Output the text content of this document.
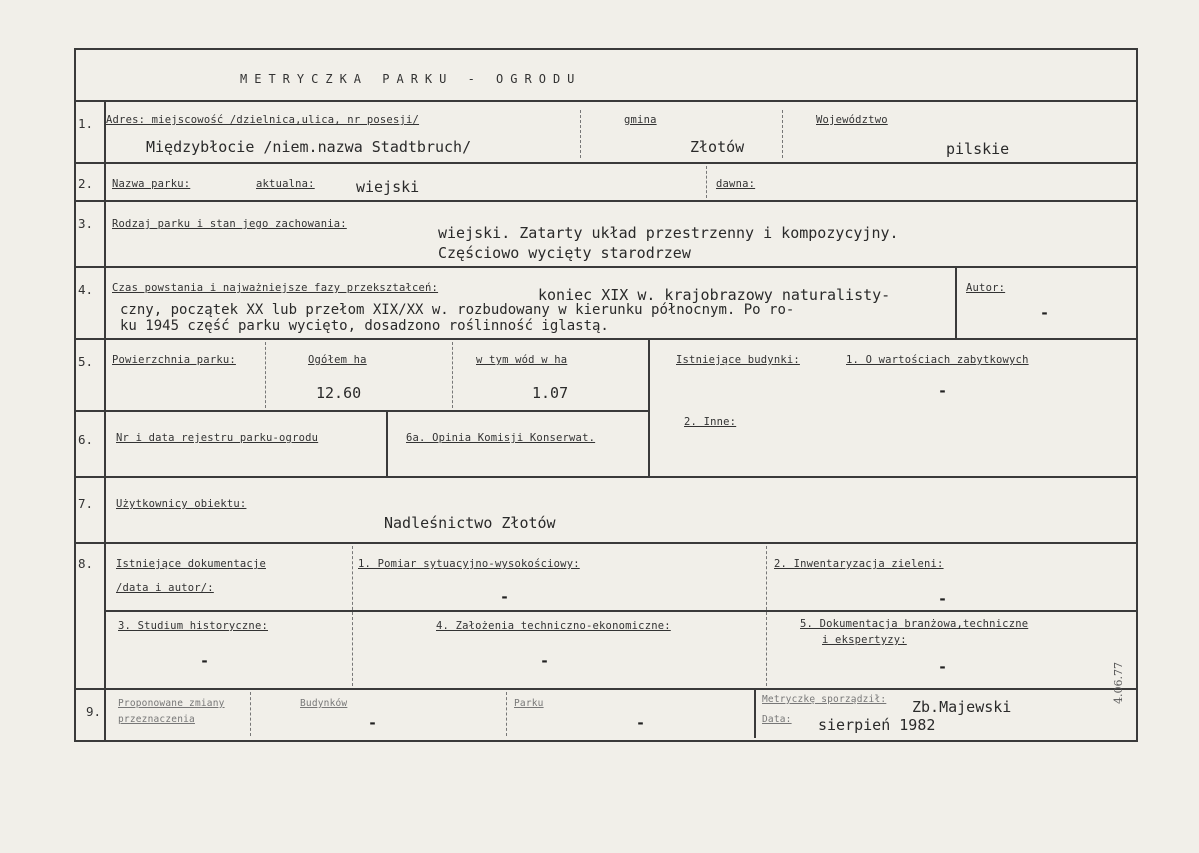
METRYCZKA PARKU - OGRODU
1. Adres: miejscowość /dzielnica,ulica, nr posesji/
Międzybłocie /niem.nazwa Stadtbruch/
gmina
Złotów
Województwo
pilskie
2. Nazwa parku:	aktualna:	wiejski	dawna:
3. Rodzaj parku i stan jego zachowania:	wiejski. Zatarty układ przestrzenny i kompozycyjny.
Częściowo wycięty starodrzew
4. Czas powstania i najważniejsze fazy przekształceń:	koniec XIX w. krajobrazowy naturalisty-
czny, początek XX lub przełom XIX/XX w. rozbudowany w kierunku północnym. Po ro-
ku 1945 część parku wycięto, dosadzono roślinność iglastą.
Autor:
-
5. Powierzchnia parku:	Ogółem ha
12.60
w tym wód w ha
1.07
Istniejące budynki:	1. O wartościach zabytkowych
-
2. Inne:
6. Nr i data rejestru parku-ogrodu	6a. Opinia Komisji Konserwat.
7. Użytkownicy obiektu:
Nadleśnictwo Złotów
8. Istniejące dokumentacje
/data i autor/:
1. Pomiar sytuacyjno-wysokościowy:
-
2. Inwentaryzacja zieleni:
-
3. Studium historyczne:
-
4. Założenia techniczno-ekonomiczne:
-
5. Dokumentacja branżowa,techniczne
i ekspertyzy:
-
9.
Proponowane zmiany
przeznaczenia
Budynków
-
Parku
-
Metryczkę sporządził: Zb.Majewski
Data: sierpień 1982
4.06.77
